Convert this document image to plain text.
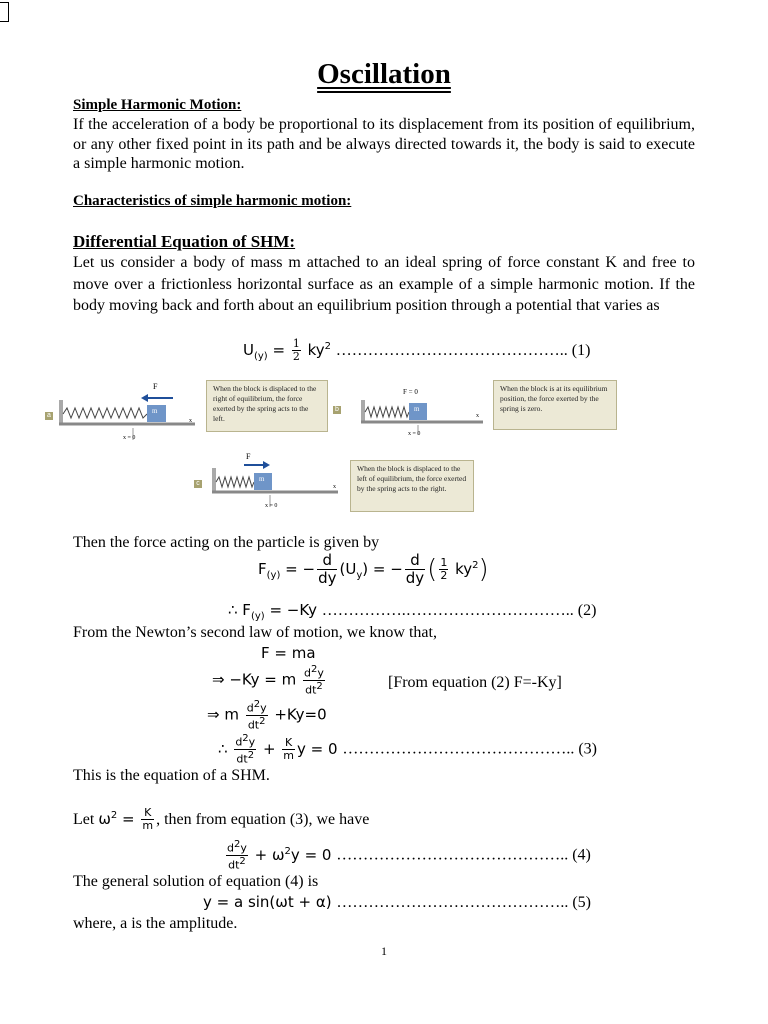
Oscillation
Simple Harmonic Motion:
If the acceleration of a body be proportional to its displacement from its position of equilibrium, or any other fixed point in its path and be always directed towards it, the body is said to execute a simple harmonic motion.
Characteristics of simple harmonic motion:
Differential Equation of SHM:
Let us consider a body of mass m attached to an ideal spring of force constant K and free to move over a frictionless horizontal surface as an example of a simple harmonic motion. If the body moving back and forth about an equilibrium position through a potential that varies as
$U_{(y)} = \frac{1}{2} ky^2$ …………………………………….. (1)
a
F
m
x = 0
x
When the block is displaced to the right of equilibrium, the force exerted by the spring acts to the left.
b
F = 0
m
x = 0
x
When the block is at its equilibrium position, the force exerted by the spring is zero.
c
F
m
x = 0
x
When the block is displaced to the left of equilibrium, the force exerted by the spring acts to the right.
Then the force acting on the particle is given by
$F_{(y)}$ = − $\frac{d}{dy} (U_y)$ = − $\frac{d}{dy}$ ( $\frac{1}{2} ky^2$)
∴ $F_{(y)} = -Ky$ …………….………………………….. (2)
From the Newton’s second law of motion, we know that,
F = ma
⇒ −Ky = m $\frac{d^2y}{dt^2}$	[From equation (2) F=-Ky]
⇒ m $\frac{d^2y}{dt^2} +Ky=0$
∴ $\frac{d^2y}{dt^2} + \frac{K}{m}$ y = 0 …………………………………….. (3)
This is the equation of a SHM.
Let $\omega^2 = \frac{K}{m}$ , then from equation (3), we have
$\frac{d^2y}{dt^2} + \omega^2y = 0$ …………………………………….. (4)
The general solution of equation (4) is
y = a sin(ωt + α) …………………………………….. (5)
where, a is the amplitude.
1
